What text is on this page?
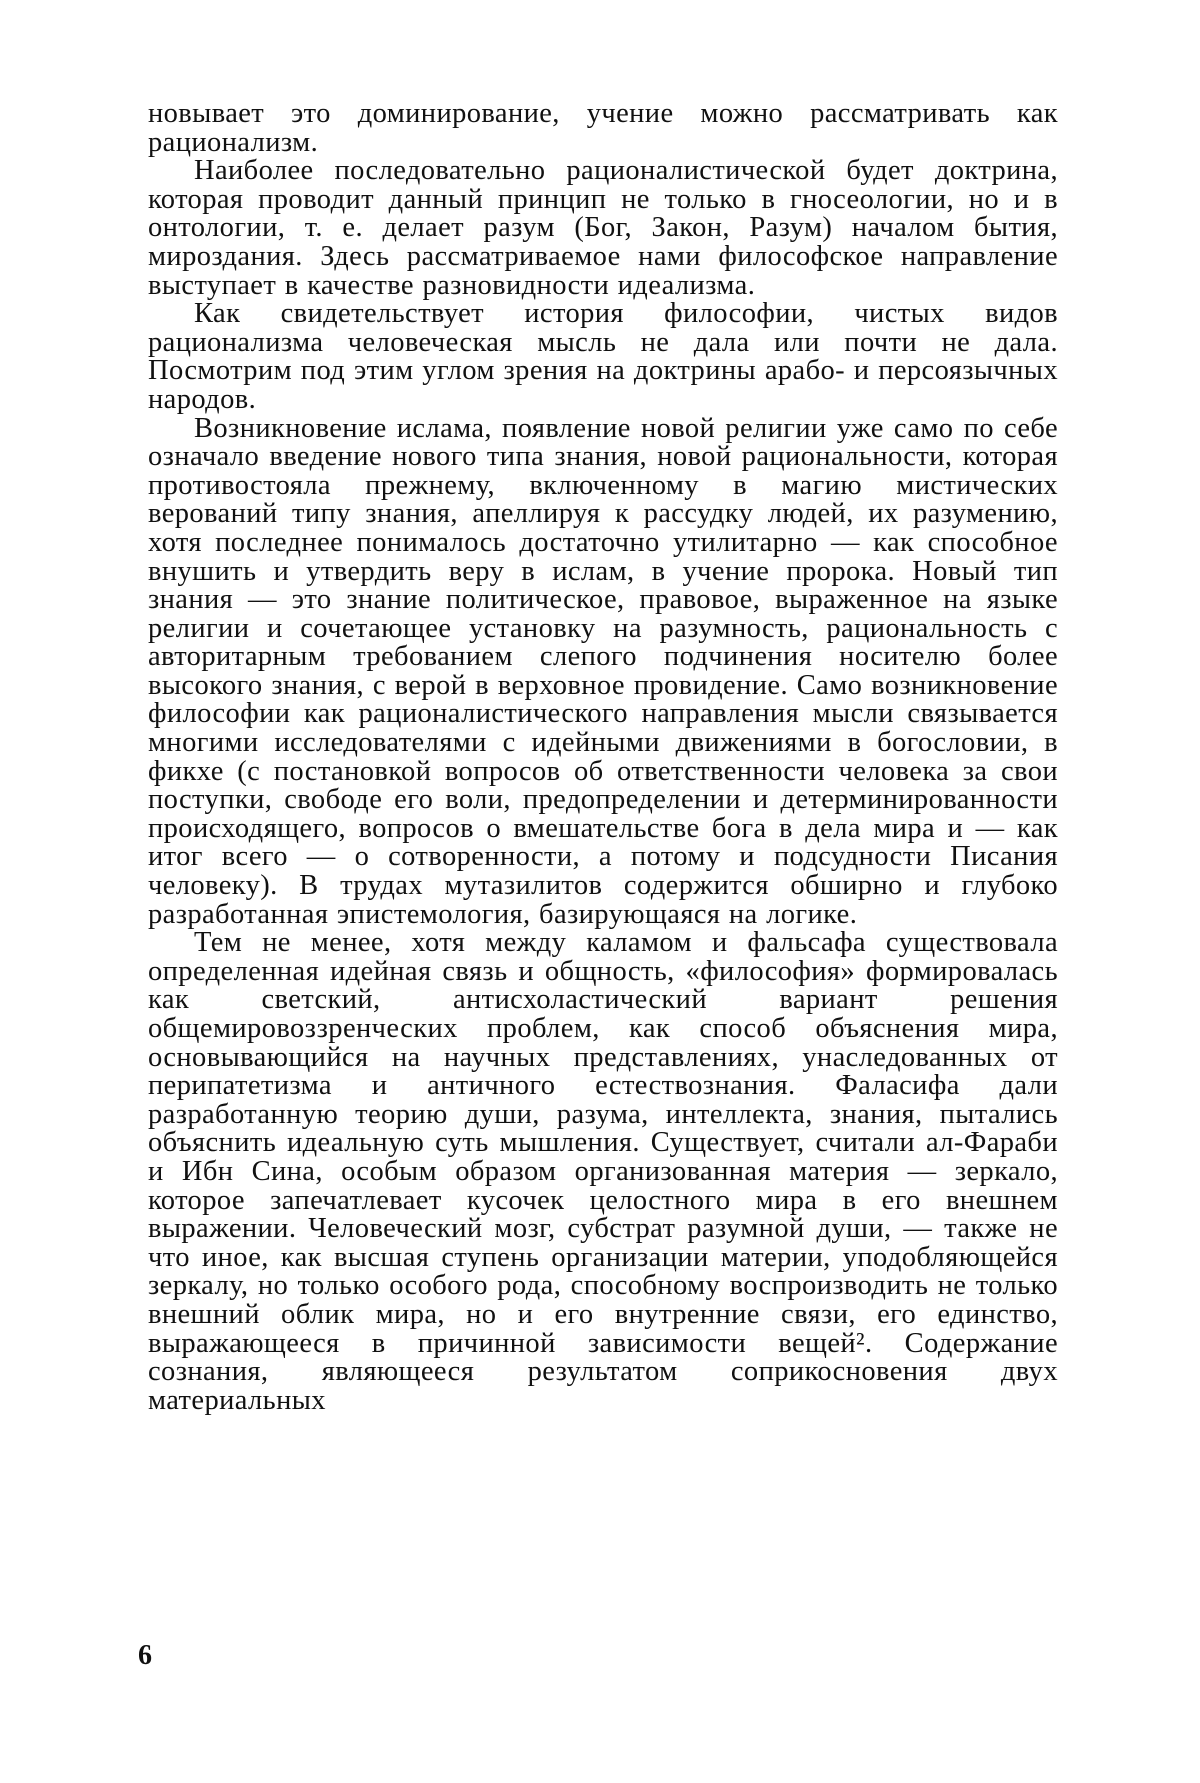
новывает это доминирование, учение можно рассматривать как рационализм.

Наиболее последовательно рационалистической будет доктрина, которая проводит данный принцип не только в гносеологии, но и в онтологии, т. е. делает разум (Бог, Закон, Разум) началом бытия, мироздания. Здесь рассматриваемое нами философское направление выступает в качестве разновидности идеализма.

Как свидетельствует история философии, чистых видов рационализма человеческая мысль не дала или почти не дала. Посмотрим под этим углом зрения на доктрины арабо- и персоязычных народов.

Возникновение ислама, появление новой религии уже само по себе означало введение нового типа знания, новой рациональности, которая противостояла прежнему, включенному в магию мистических верований типу знания, апеллируя к рассудку людей, их разумению, хотя последнее понималось достаточно утилитарно — как способное внушить и утвердить веру в ислам, в учение пророка. Новый тип знания — это знание политическое, правовое, выраженное на языке религии и сочетающее установку на разумность, рациональность с авторитарным требованием слепого подчинения носителю более высокого знания, с верой в верховное провидение. Само возникновение философии как рационалистического направления мысли связывается многими исследователями с идейными движениями в богословии, в фикхе (с постановкой вопросов об ответственности человека за свои поступки, свободе его воли, предопределении и детерминированности происходящего, вопросов о вмешательстве бога в дела мира и — как итог всего — о сотворенности, а потому и подсудности Писания человеку). В трудах мутазилитов содержится обширно и глубоко разработанная эпистемология, базирующаяся на логике.

Тем не менее, хотя между каламом и фальсафа существовала определенная идейная связь и общность, «философия» формировалась как светский, антисхоластический вариант решения общемировоззренческих проблем, как способ объяснения мира, основывающийся на научных представлениях, унаследованных от перипатетизма и античного естествознания. Фаласифа дали разработанную теорию души, разума, интеллекта, знания, пытались объяснить идеальную суть мышления. Существует, считали ал-Фараби и Ибн Сина, особым образом организованная материя — зеркало, которое запечатлевает кусочек целостного мира в его внешнем выражении. Человеческий мозг, субстрат разумной души, — также не что иное, как высшая ступень организации материи, уподобляющейся зеркалу, но только особого рода, способному воспроизводить не только внешний облик мира, но и его внутренние связи, его единство, выражающееся в причинной зависимости вещей². Содержание сознания, являющееся результатом соприкосновения двух материальных

6
